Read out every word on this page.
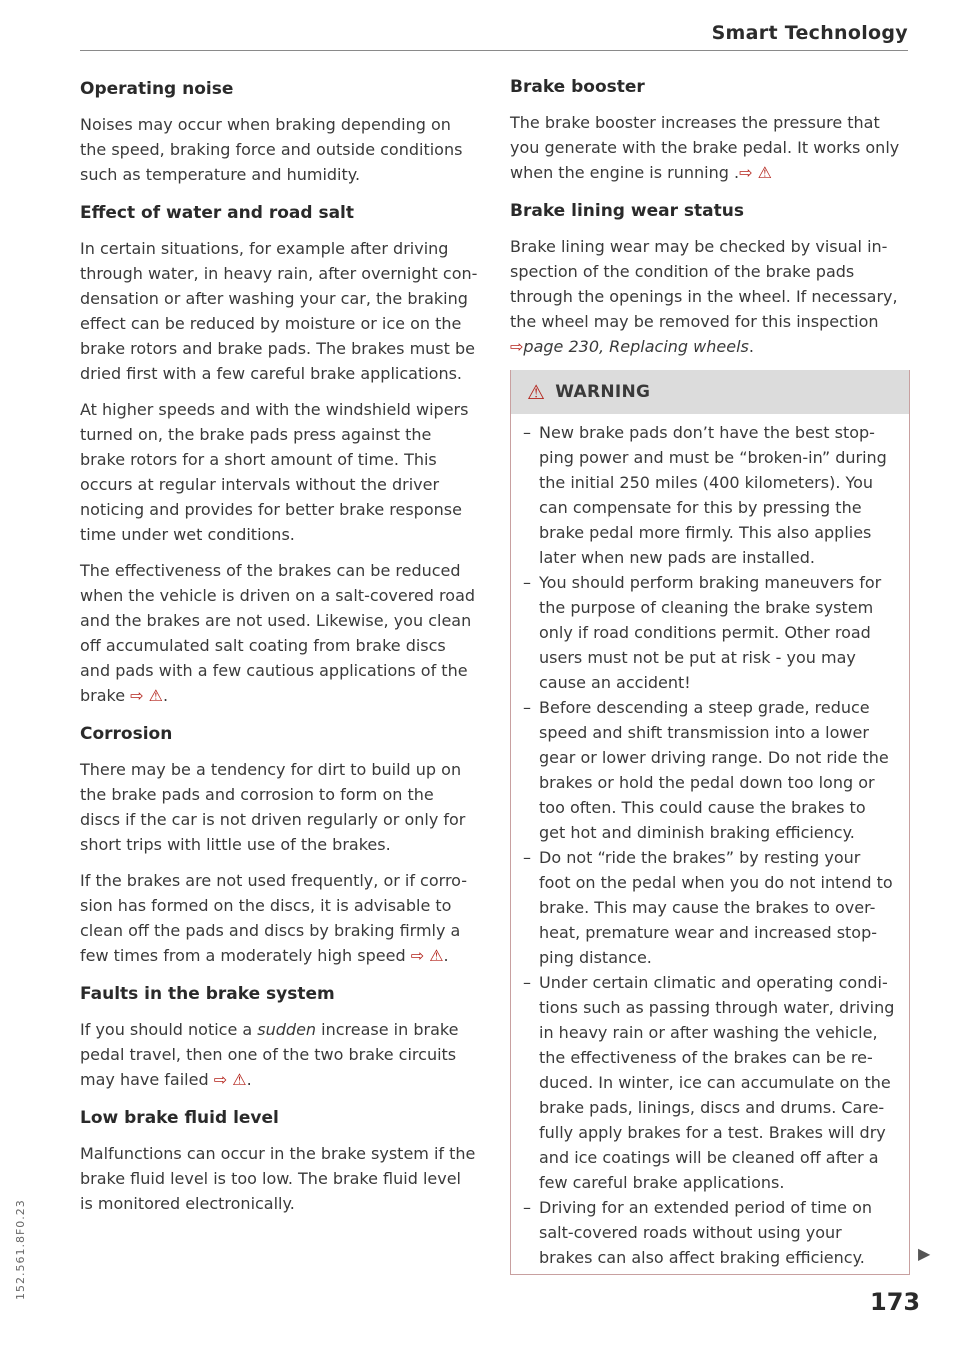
Smart Technology
Operating noise

Noises may occur when braking depending on the speed, braking force and outside conditions such as temperature and humidity.

Effect of water and road salt

In certain situations, for example after driving through water, in heavy rain, after overnight con-densation or after washing your car, the braking effect can be reduced by moisture or ice on the brake rotors and brake pads. The brakes must be dried first with a few careful brake applications.

At higher speeds and with the windshield wipers turned on, the brake pads press against the brake rotors for a short amount of time. This occurs at regular intervals without the driver noticing and provides for better brake response time under wet conditions.

The effectiveness of the brakes can be reduced when the vehicle is driven on a salt-covered road and the brakes are not used. Likewise, you clean off accumulated salt coating from brake discs and pads with a few cautious applications of the brake ⇨ ⚠.

Corrosion

There may be a tendency for dirt to build up on the brake pads and corrosion to form on the discs if the car is not driven regularly or only for short trips with little use of the brakes.

If the brakes are not used frequently, or if corro-sion has formed on the discs, it is advisable to clean off the pads and discs by braking firmly a few times from a moderately high speed ⇨ ⚠.

Faults in the brake system

If you should notice a sudden increase in brake pedal travel, then one of the two brake circuits may have failed ⇨ ⚠.

Low brake fluid level

Malfunctions can occur in the brake system if the brake fluid level is too low. The brake fluid level is monitored electronically.

Brake booster

The brake booster increases the pressure that you generate with the brake pedal. It works only when the engine is running .⇨ ⚠

Brake lining wear status

Brake lining wear may be checked by visual in-spection of the condition of the brake pads through the openings in the wheel. If necessary, the wheel may be removed for this inspection ⇨page 230, Replacing wheels.

⚠ WARNING
– New brake pads don’t have the best stop-ping power and must be “broken-in” during the initial 250 miles (400 kilometers). You can compensate for this by pressing the brake pedal more firmly. This also applies later when new pads are installed.
– You should perform braking maneuvers for the purpose of cleaning the brake system only if road conditions permit. Other road users must not be put at risk - you may cause an accident!
– Before descending a steep grade, reduce speed and shift transmission into a lower gear or lower driving range. Do not ride the brakes or hold the pedal down too long or too often. This could cause the brakes to get hot and diminish braking efficiency.
– Do not “ride the brakes” by resting your foot on the pedal when you do not intend to brake. This may cause the brakes to over-heat, premature wear and increased stop-ping distance.
– Under certain climatic and operating condi-tions such as passing through water, driving in heavy rain or after washing the vehicle, the effectiveness of the brakes can be re-duced. In winter, ice can accumulate on the brake pads, linings, discs and drums. Care-fully apply brakes for a test. Brakes will dry and ice coatings will be cleaned off after a few careful brake applications.
– Driving for an extended period of time on salt-covered roads without using your brakes can also affect braking efficiency.	▶
173
152.561.8F0.23
